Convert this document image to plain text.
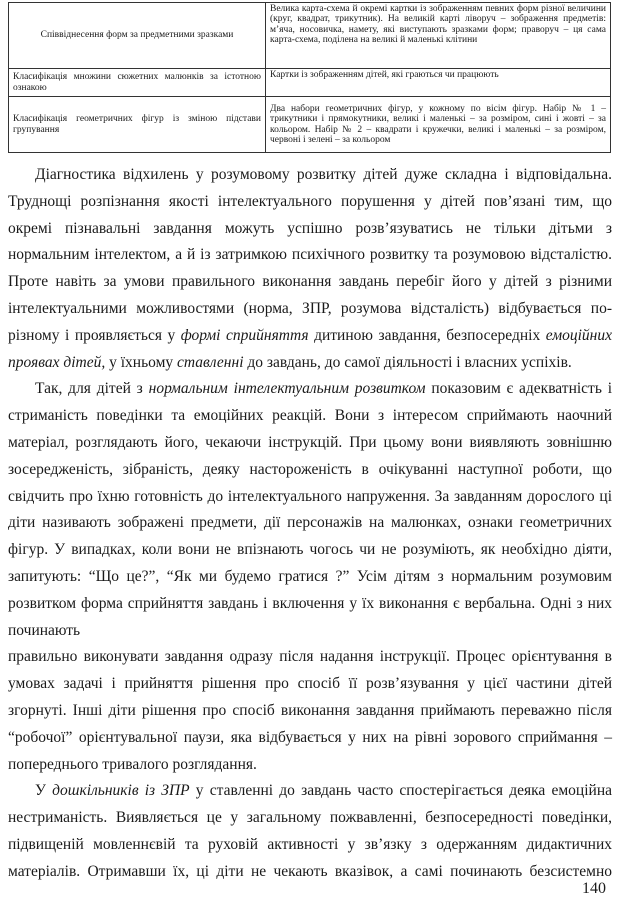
Співвіднесення форм за предметними зразками	Велика карта-схема й окремі картки із зображенням певних форм різної величини (круг, квадрат, трикутник). На великій карті ліворуч – зображення предметів: м’яча, носовичка, намету, які виступають зразками форм; праворуч – ця сама карта-схема, поділена на великі й маленькі клітини

Класифікація множини сюжетних малюнків за істотною ознакою	Картки із зображенням дітей, які граються чи працюють

Класифікація геометричних фігур із зміною підстави групування	Два набори геометричних фігур, у кожному по вісім фігур. Набір № 1 – трикутники і прямокутники, великі і маленькі – за розміром, сині і жовті – за кольором. Набір № 2 – квадрати і кружечки, великі і маленькі – за розміром, червоні і зелені – за кольором

Діагностика відхилень у розумовому розвитку дітей дуже складна і відповідальна. Труднощі розпізнання якості інтелектуального порушення у дітей пов’язані тим, що окремі пізнавальні завдання можуть успішно розв’язуватись не тільки дітьми з нормальним інтелектом, а й із затримкою психічного розвитку та розумовою відсталістю. Проте навіть за умови правильного виконання завдань перебіг його у дітей з різними інтелектуальними можливостями (норма, ЗПР, розумова відсталість) відбувається по-різному і проявляється у формі сприйняття дитиною завдання, безпосередніх емоційних проявах дітей, у їхньому ставленні до завдань, до самої діяльності і власних успіхів.

Так, для дітей з нормальним інтелектуальним розвитком показовим є адекватність і стриманість поведінки та емоційних реакцій. Вони з інтересом сприймають наочний матеріал, розглядають його, чекаючи інструкцій. При цьому вони виявляють зовнішню зосередженість, зібраність, деяку настороженість в очікуванні наступної роботи, що свідчить про їхню готовність до інтелектуального напруження. За завданням дорослого ці діти називають зображені предмети, дії персонажів на малюнках, ознаки геометричних фігур. У випадках, коли вони не впізнають чогось чи не розуміють, як необхідно діяти, запитують: “Що це?”, “Як ми будемо гратися ?” Усім дітям з нормальним розумовим розвитком форма сприйняття завдань і включення у їх виконання є вербальна. Одні з них починають

правильно виконувати завдання одразу після надання інструкції. Процес орієнтування в умовах задачі і прийняття рішення про спосіб її розв’язування у цієї частини дітей згорнуті. Інші діти рішення про спосіб виконання завдання приймають переважно після “робочої” орієнтувальної паузи, яка відбувається у них на рівні зорового сприймання – попереднього тривалого розглядання.

У дошкільників із ЗПР у ставленні до завдань часто спостерігається деяка емоційна нестриманість. Виявляється це у загальному пожвавленні, безпосередності поведінки, підвищеній мовленнєвій та руховій активності у зв’язку з одержанням дидактичних матеріалів. Отримавши їх, ці діти не чекають вказівок, а самі починають безсистемно

140
